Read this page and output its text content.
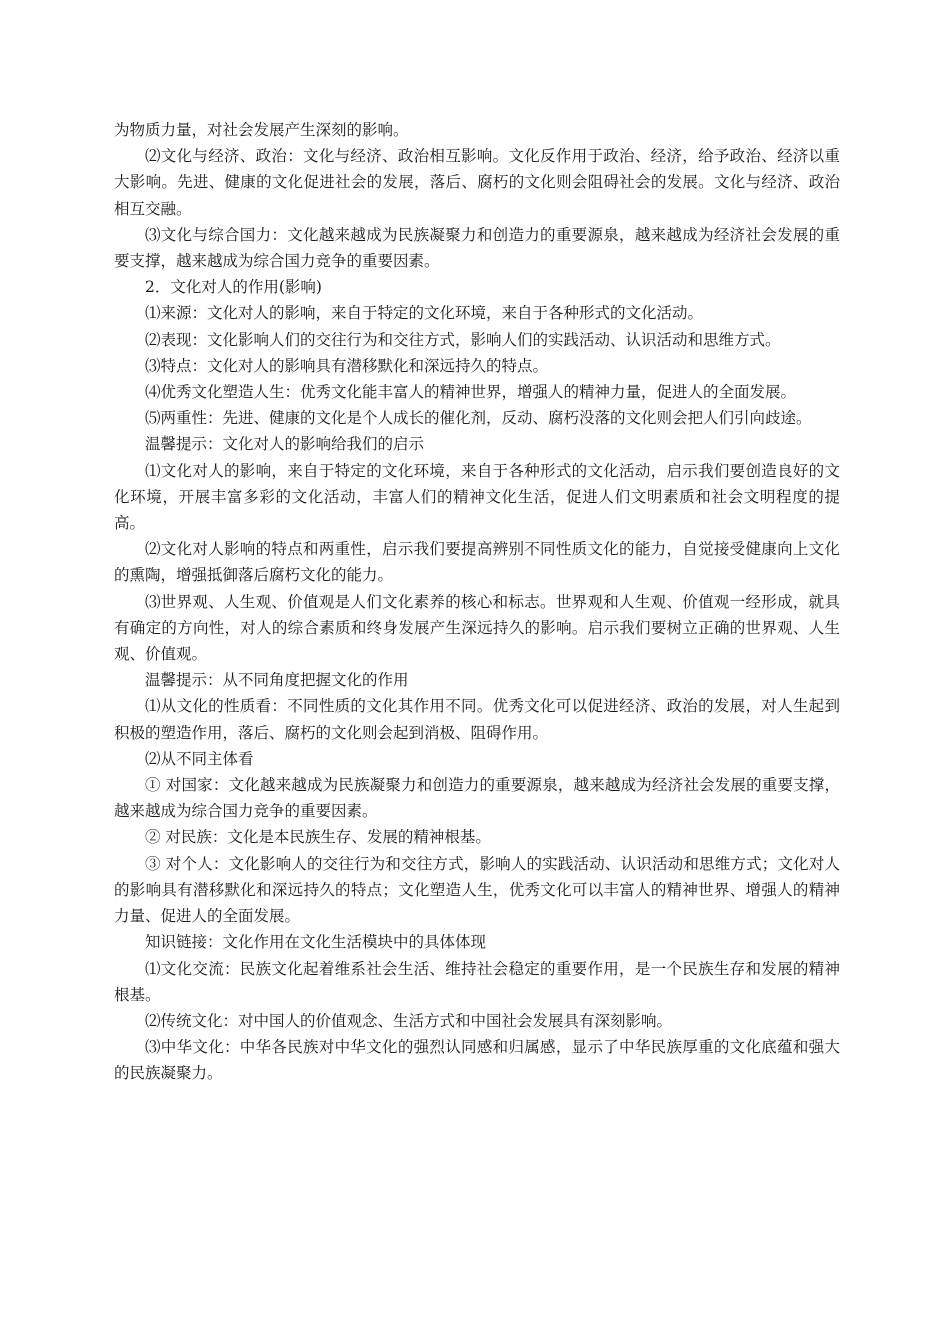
为物质力量，对社会发展产生深刻的影响。

⑵文化与经济、政治：文化与经济、政治相互影响。文化反作用于政治、经济，给予政治、经济以重大影响。先进、健康的文化促进社会的发展，落后、腐朽的文化则会阻碍社会的发展。文化与经济、政治相互交融。

⑶文化与综合国力：文化越来越成为民族凝聚力和创造力的重要源泉，越来越成为经济社会发展的重要支撑，越来越成为综合国力竞争的重要因素。

2．文化对人的作用(影响)

⑴来源：文化对人的影响，来自于特定的文化环境，来自于各种形式的文化活动。

⑵表现：文化影响人们的交往行为和交往方式，影响人们的实践活动、认识活动和思维方式。

⑶特点：文化对人的影响具有潜移默化和深远持久的特点。

⑷优秀文化塑造人生：优秀文化能丰富人的精神世界，增强人的精神力量，促进人的全面发展。

⑸两重性：先进、健康的文化是个人成长的催化剂，反动、腐朽没落的文化则会把人们引向歧途。

温馨提示：文化对人的影响给我们的启示

⑴文化对人的影响，来自于特定的文化环境，来自于各种形式的文化活动，启示我们要创造良好的文化环境，开展丰富多彩的文化活动，丰富人们的精神文化生活，促进人们文明素质和社会文明程度的提高。

⑵文化对人影响的特点和两重性，启示我们要提高辨别不同性质文化的能力，自觉接受健康向上文化的熏陶，增强抵御落后腐朽文化的能力。

⑶世界观、人生观、价值观是人们文化素养的核心和标志。世界观和人生观、价值观一经形成，就具有确定的方向性，对人的综合素质和终身发展产生深远持久的影响。启示我们要树立正确的世界观、人生观、价值观。

温馨提示：从不同角度把握文化的作用

⑴从文化的性质看：不同性质的文化其作用不同。优秀文化可以促进经济、政治的发展，对人生起到积极的塑造作用，落后、腐朽的文化则会起到消极、阻碍作用。

⑵从不同主体看

① 对国家：文化越来越成为民族凝聚力和创造力的重要源泉，越来越成为经济社会发展的重要支撑，越来越成为综合国力竞争的重要因素。

② 对民族：文化是本民族生存、发展的精神根基。

③ 对个人：文化影响人的交往行为和交往方式，影响人的实践活动、认识活动和思维方式；文化对人的影响具有潜移默化和深远持久的特点；文化塑造人生，优秀文化可以丰富人的精神世界、增强人的精神力量、促进人的全面发展。

知识链接：文化作用在文化生活模块中的具体体现

⑴文化交流：民族文化起着维系社会生活、维持社会稳定的重要作用，是一个民族生存和发展的精神根基。

⑵传统文化：对中国人的价值观念、生活方式和中国社会发展具有深刻影响。

⑶中华文化：中华各民族对中华文化的强烈认同感和归属感，显示了中华民族厚重的文化底蕴和强大的民族凝聚力。
